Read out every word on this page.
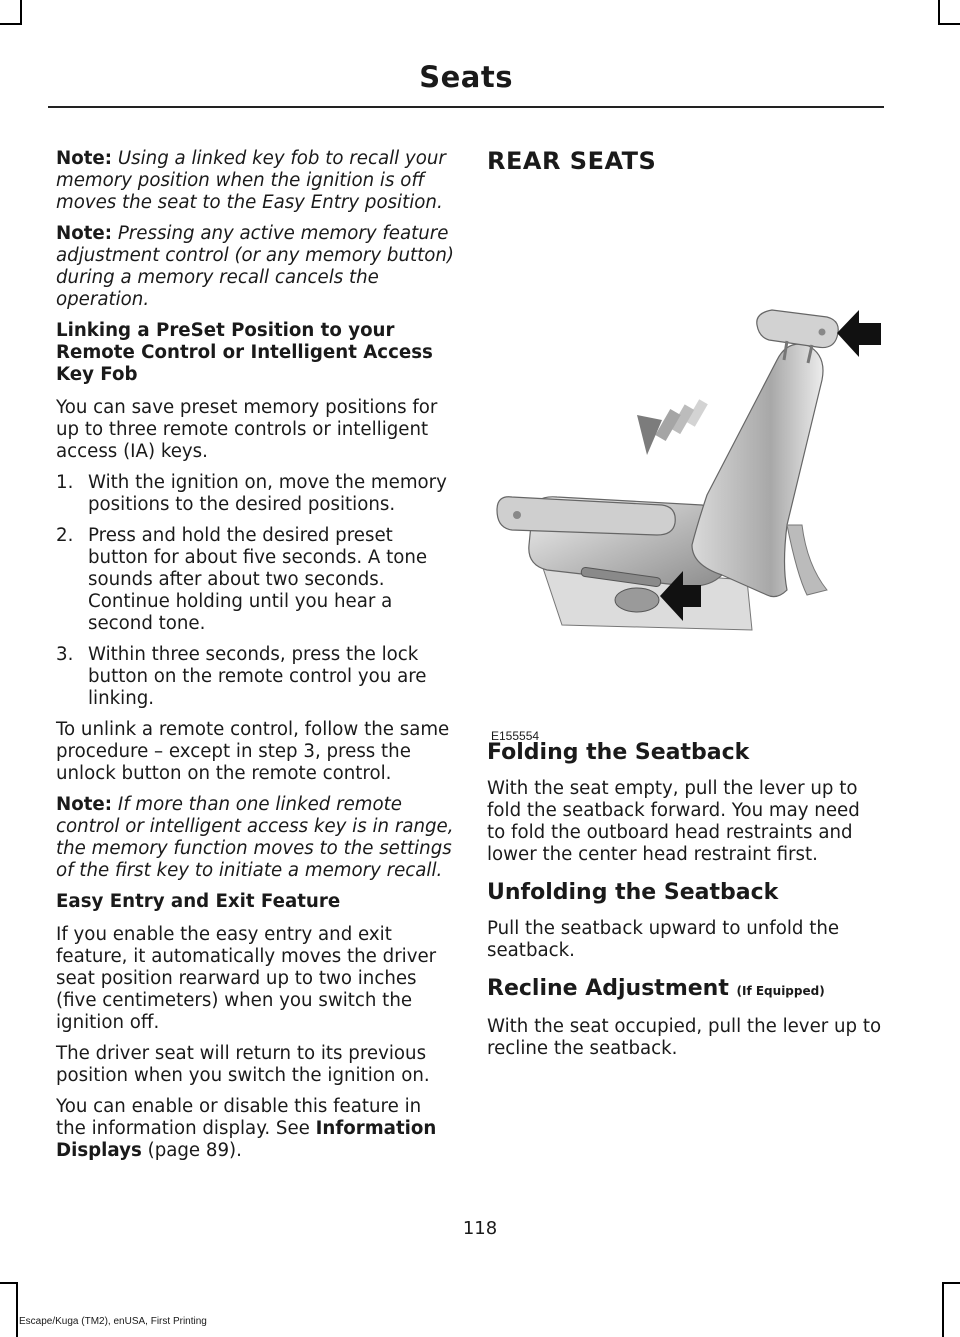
Seats

Note: Using a linked key fob to recall your memory position when the ignition is off moves the seat to the Easy Entry position.

Note: Pressing any active memory feature adjustment control (or any memory button) during a memory recall cancels the operation.

Linking a PreSet Position to your Remote Control or Intelligent Access Key Fob

You can save preset memory positions for up to three remote controls or intelligent access (IA) keys.

1. With the ignition on, move the memory positions to the desired positions.
2. Press and hold the desired preset button for about five seconds. A tone sounds after about two seconds. Continue holding until you hear a second tone.
3. Within three seconds, press the lock button on the remote control you are linking.

To unlink a remote control, follow the same procedure – except in step 3, press the unlock button on the remote control.

Note: If more than one linked remote control or intelligent access key is in range, the memory function moves to the settings of the first key to initiate a memory recall.

Easy Entry and Exit Feature

If you enable the easy entry and exit feature, it automatically moves the driver seat position rearward up to two inches (five centimeters) when you switch the ignition off.

The driver seat will return to its previous position when you switch the ignition on.

You can enable or disable this feature in the information display. See Information Displays (page 89).

REAR SEATS

E155554

Folding the Seatback

With the seat empty, pull the lever up to fold the seatback forward. You may need to fold the outboard head restraints and lower the center head restraint first.

Unfolding the Seatback

Pull the seatback upward to unfold the seatback.

Recline Adjustment (If Equipped)

With the seat occupied, pull the lever up to recline the seatback.

118
Escape/Kuga (TM2), enUSA, First Printing
